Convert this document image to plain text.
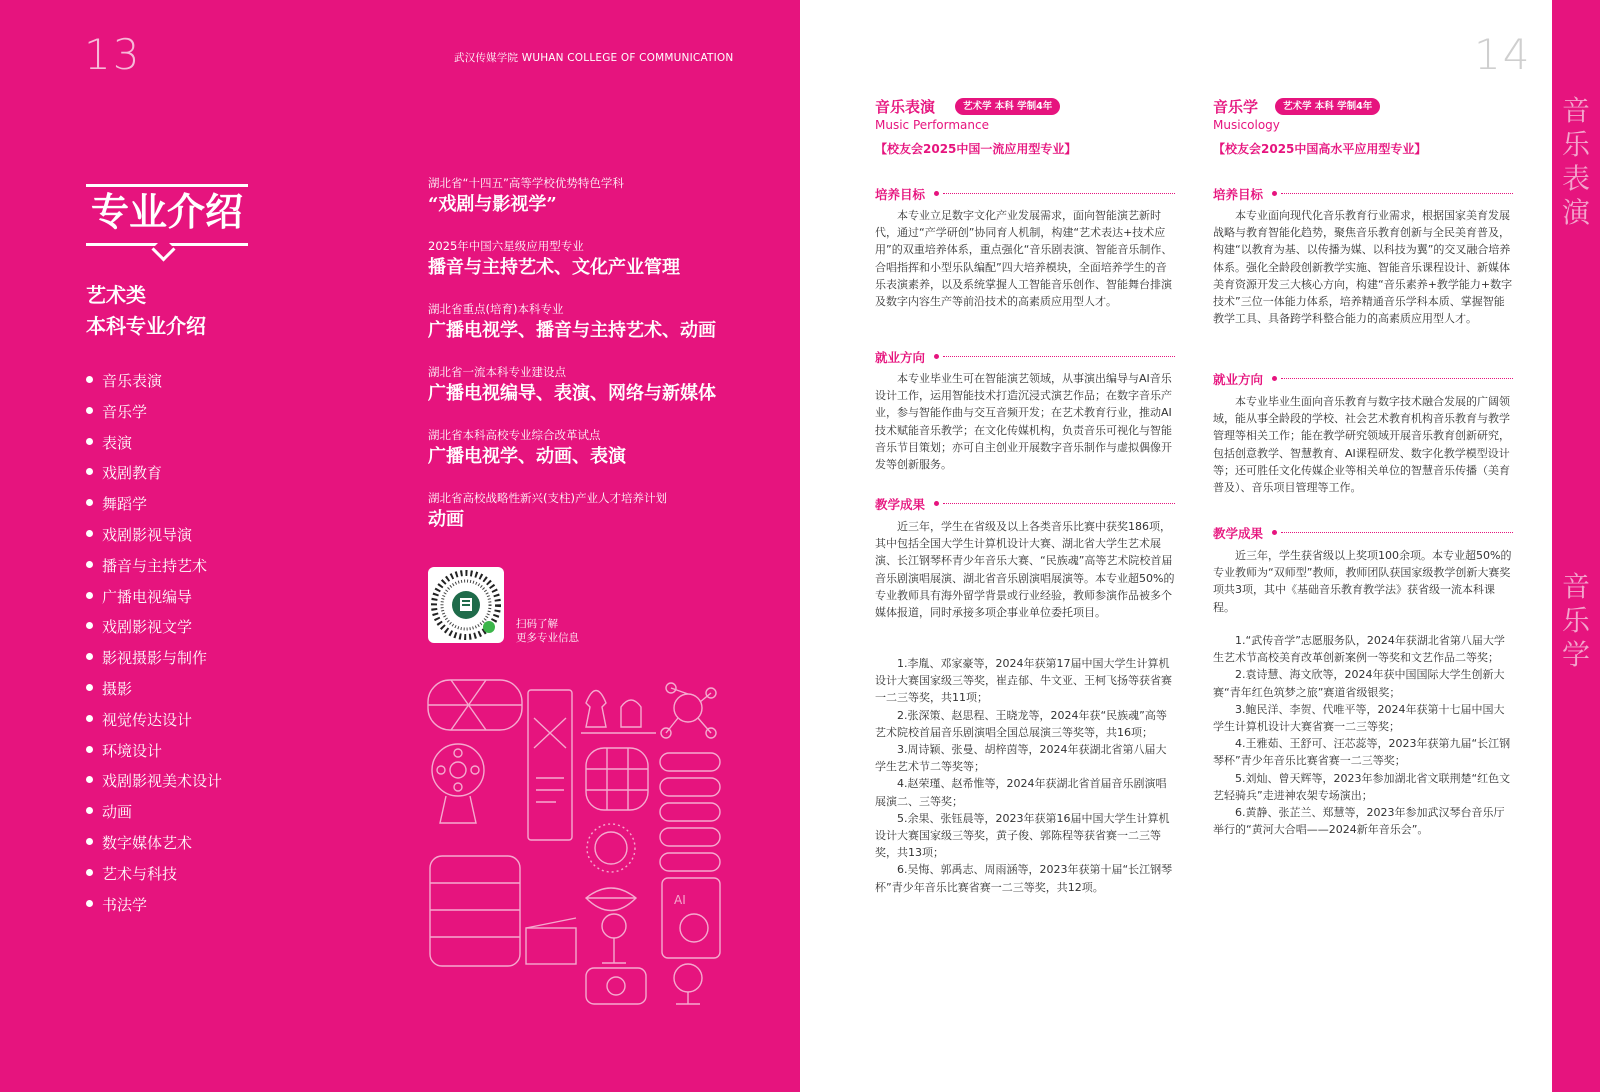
13	武汉传媒学院 WUHAN COLLEGE OF COMMUNICATION
专业介绍
艺术类
本科专业介绍
音乐表演
音乐学
表演
戏剧教育
舞蹈学
戏剧影视导演
播音与主持艺术
广播电视编导
戏剧影视文学
影视摄影与制作
摄影
视觉传达设计
环境设计
戏剧影视美术设计
动画
数字媒体艺术
艺术与科技
书法学
湖北省“十四五”高等学校优势特色学科
“戏剧与影视学”
2025年中国六星级应用型专业
播音与主持艺术、文化产业管理
湖北省重点(培育)本科专业
广播电视学、播音与主持艺术、动画
湖北省一流本科专业建设点
广播电视编导、表演、网络与新媒体
湖北省本科高校专业综合改革试点
广播电视学、动画、表演
湖北省高校战略性新兴(支柱)产业人才培养计划
动画
扫码了解
更多专业信息
AI
14
音乐表演
音乐学
音乐表演	艺术学 本科 学制4年
Music Performance
【校友会2025中国一流应用型专业】
培养目标

本专业立足数字文化产业发展需求，面向智能演艺新时代，通过“产学研创”协同育人机制，构建“艺术表达+技术应用”的双重培养体系，重点强化“音乐剧表演、智能音乐制作、合唱指挥和小型乐队编配”四大培养模块，全面培养学生的音乐表演素养，以及系统掌握人工智能音乐创作、智能舞台排演及数字内容生产等前沿技术的高素质应用型人才。

就业方向

本专业毕业生可在智能演艺领域，从事演出编导与AI音乐设计工作，运用智能技术打造沉浸式演艺作品；在数字音乐产业，参与智能作曲与交互音频开发；在艺术教育行业，推动AI技术赋能音乐教学；在文化传媒机构，负责音乐可视化与智能音乐节目策划；亦可自主创业开展数字音乐制作与虚拟偶像开发等创新服务。

教学成果

近三年，学生在省级及以上各类音乐比赛中获奖186项，其中包括全国大学生计算机设计大赛、湖北省大学生艺术展演、长江钢琴杯青少年音乐大赛、“民族魂”高等艺术院校首届音乐剧演唱展演、湖北省音乐剧演唱展演等。本专业超50%的专业教师具有海外留学背景或行业经验，教师参演作品被多个媒体报道，同时承接多项企事业单位委托项目。

1.李胤、邓家豪等，2024年获第17届中国大学生计算机设计大赛国家级三等奖，崔垚郁、牛文亚、王柯飞扬等获省赛一二三等奖，共11项；

2.张深策、赵思程、王晓龙等，2024年获“民族魂”高等艺术院校首届音乐剧演唱全国总展演三等奖等，共16项；

3.周诗颖、张曼、胡梓茵等，2024年获湖北省第八届大学生艺术节二等奖等；

4.赵荣瑾、赵希惟等，2024年获湖北省首届音乐剧演唱展演二、三等奖；

5.余果、张钰晨等，2023年获第16届中国大学生计算机设计大赛国家级三等奖，黄子俊、郭陈程等获省赛一二三等奖，共13项；

6.吴悔、郭禹志、周雨涵等，2023年获第十届“长江钢琴杯”青少年音乐比赛省赛一二三等奖，共12项。

音乐学	艺术学 本科 学制4年
Musicology
【校友会2025中国高水平应用型专业】
培养目标

本专业面向现代化音乐教育行业需求，根据国家美育发展战略与教育智能化趋势，聚焦音乐教育创新与全民美育普及，构建“以教育为基、以传播为媒、以科技为翼”的交叉融合培养体系。强化全龄段创新教学实施、智能音乐课程设计、新媒体美育资源开发三大核心方向，构建“音乐素养+教学能力+数字技术”三位一体能力体系，培养精通音乐学科本质、掌握智能教学工具、具备跨学科整合能力的高素质应用型人才。

就业方向

本专业毕业生面向音乐教育与数字技术融合发展的广阔领域，能从事全龄段的学校、社会艺术教育机构音乐教育与教学管理等相关工作；能在教学研究领域开展音乐教育创新研究，包括创意教学、智慧教育、AI课程研发、数字化教学模型设计等；还可胜任文化传媒企业等相关单位的智慧音乐传播（美育普及）、音乐项目管理等工作。

教学成果

近三年，学生获省级以上奖项100余项。本专业超50%的专业教师为“双师型”教师，教师团队获国家级教学创新大赛奖项共3项，其中《基础音乐教育教学法》获省级一流本科课程。

1.“武传音学”志愿服务队，2024年获湖北省第八届大学生艺术节高校美育改革创新案例一等奖和文艺作品二等奖；

2.袁诗慧、海文欣等，2024年获中国国际大学生创新大赛“青年红色筑梦之旅”赛道省级银奖；

3.鲍民洋、李贺、代唯平等，2024年获第十七届中国大学生计算机设计大赛省赛一二三等奖；

4.王雅茹、王舒可、汪芯蕊等，2023年获第九届“长江钢琴杯”青少年音乐比赛省赛一二三等奖；

5.刘灿、曾天辉等，2023年参加湖北省文联荆楚“红色文艺轻骑兵”走进神农架专场演出；

6.黄静、张芷兰、郑慧等，2023年参加武汉琴台音乐厅举行的“黄河大合唱——2024新年音乐会”。
